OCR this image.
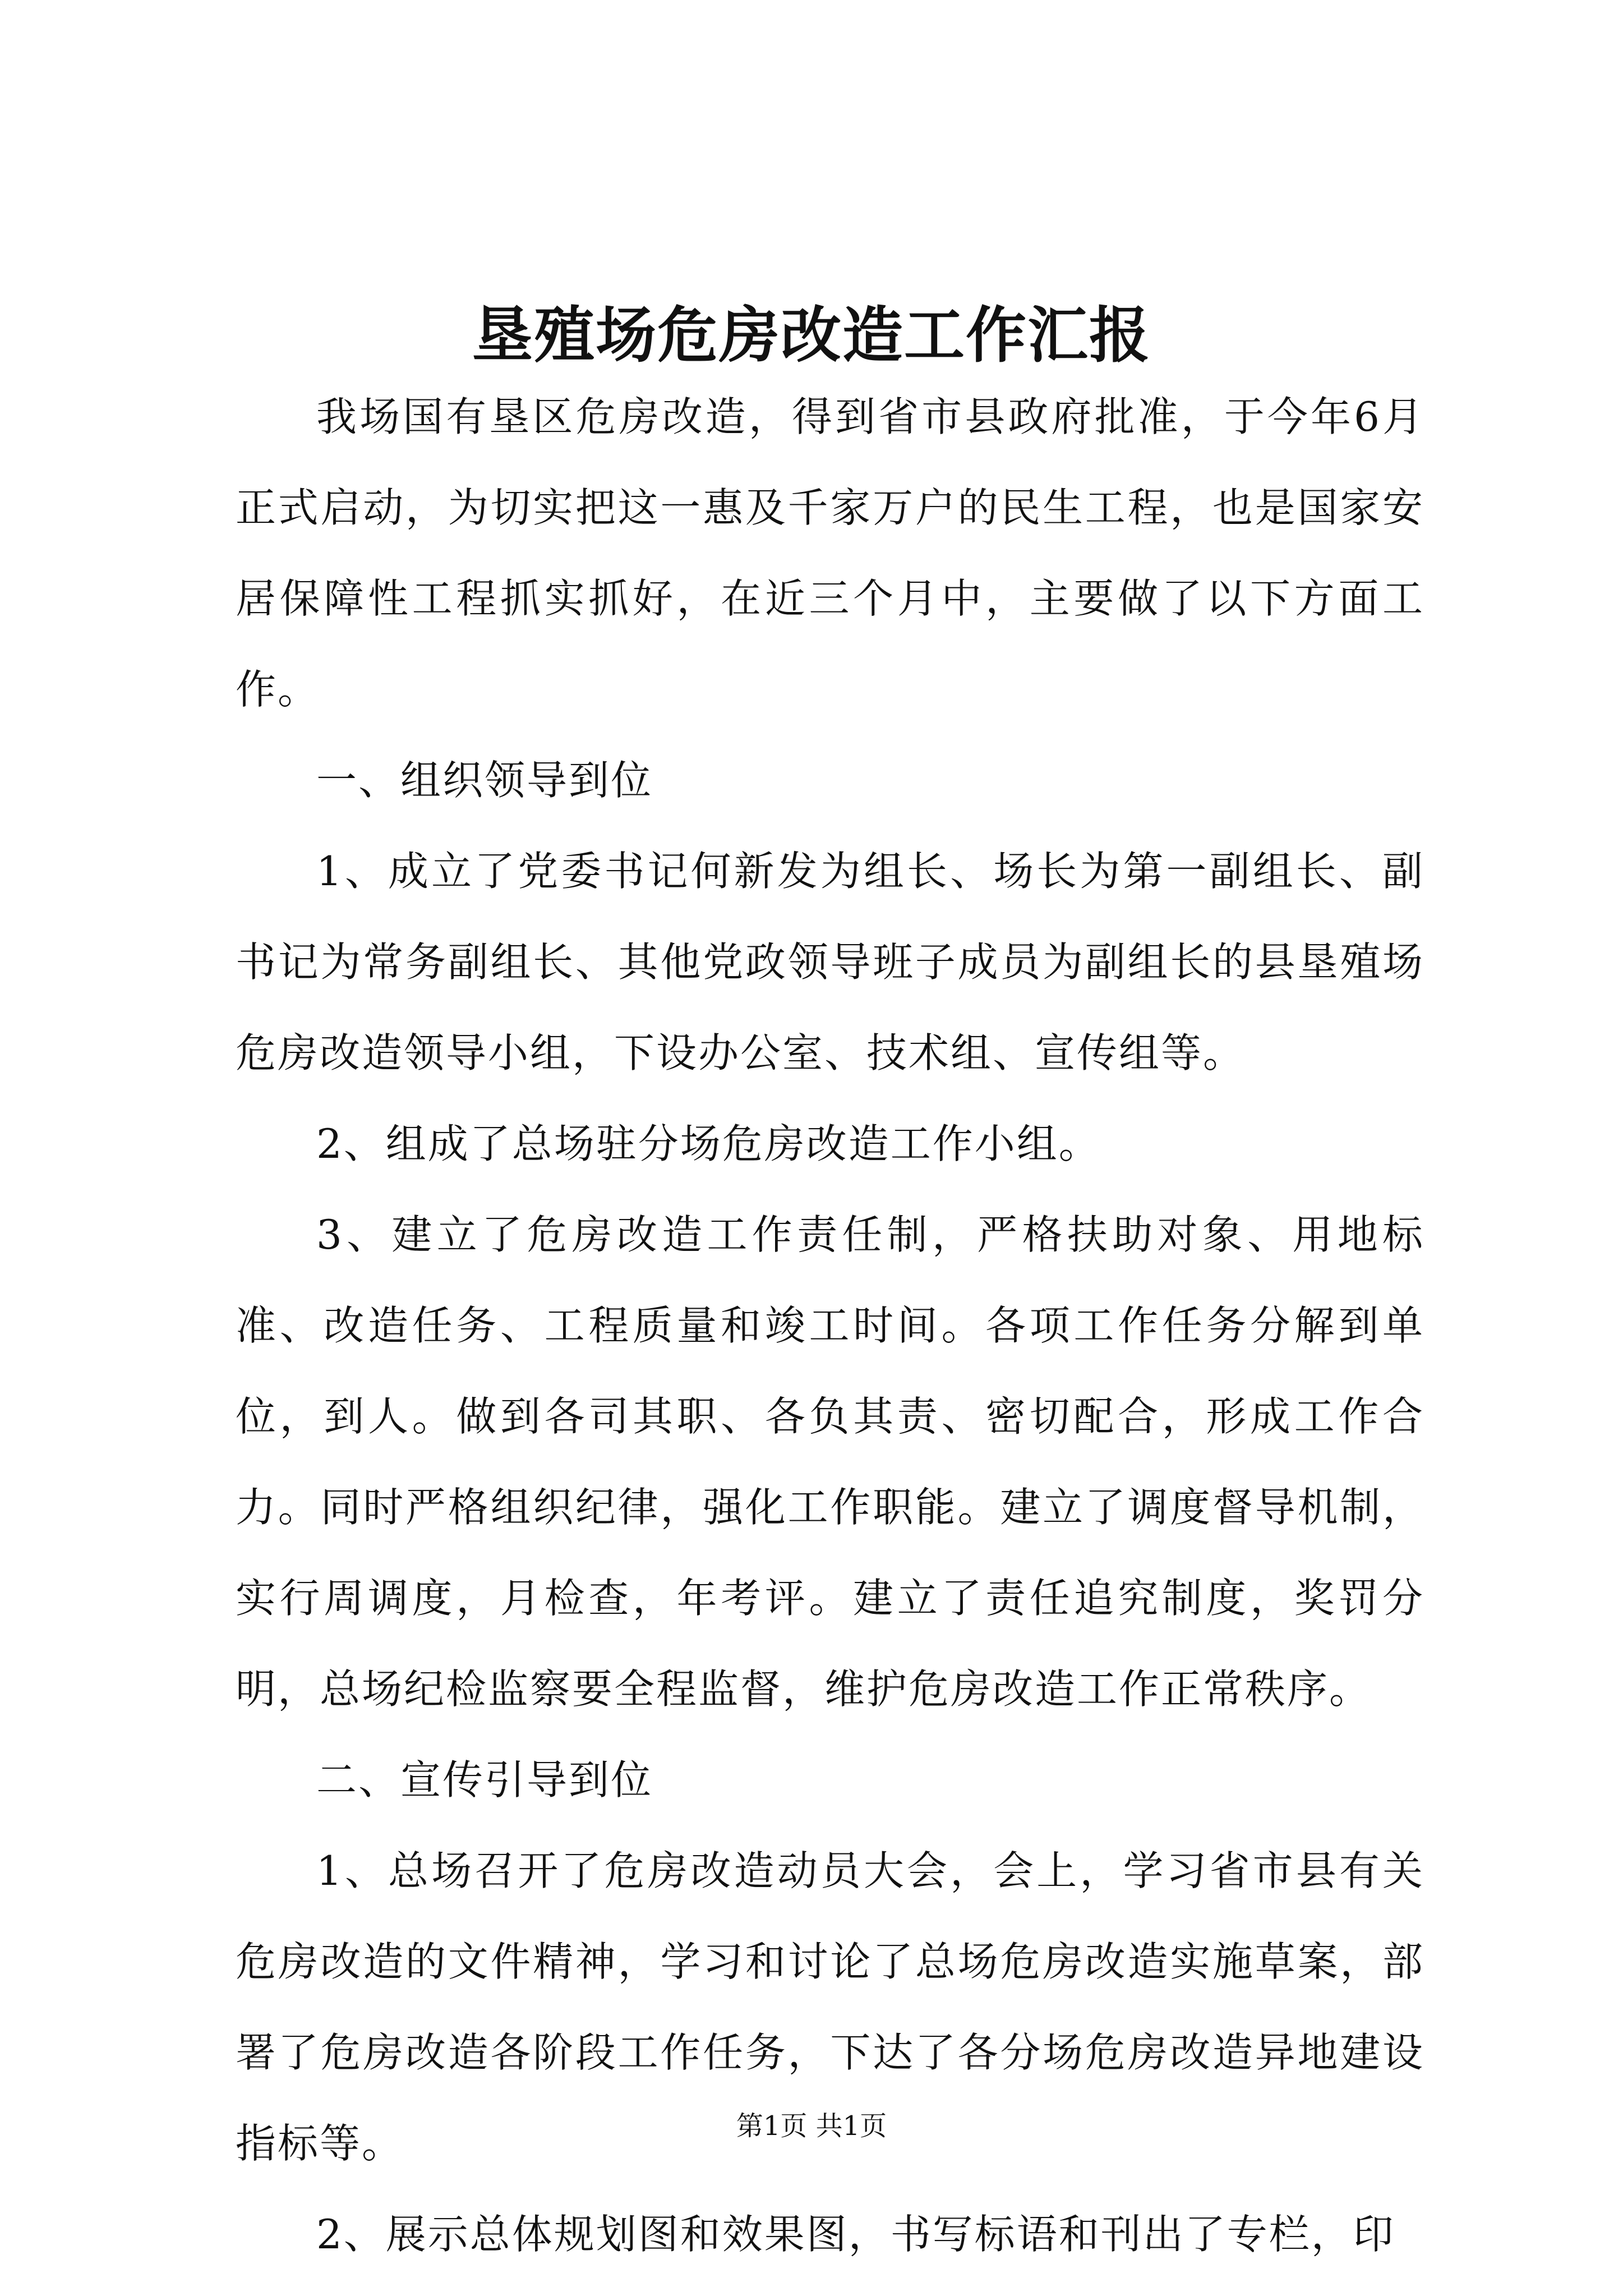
垦殖场危房改造工作汇报

我场国有垦区危房改造，得到省市县政府批准，于今年6月正式启动，为切实把这一惠及千家万户的民生工程，也是国家安居保障性工程抓实抓好，在近三个月中，主要做了以下方面工作。

一、组织领导到位

1、成立了党委书记何新发为组长、场长为第一副组长、副书记为常务副组长、其他党政领导班子成员为副组长的县垦殖场危房改造领导小组，下设办公室、技术组、宣传组等。

2、组成了总场驻分场危房改造工作小组。

3、建立了危房改造工作责任制，严格扶助对象、用地标准、改造任务、工程质量和竣工时间。各项工作任务分解到单位，到人。做到各司其职、各负其责、密切配合，形成工作合力。同时严格组织纪律，强化工作职能。建立了调度督导机制，实行周调度，月检查，年考评。建立了责任追究制度，奖罚分明，总场纪检监察要全程监督，维护危房改造工作正常秩序。

二、宣传引导到位

1、总场召开了危房改造动员大会，会上，学习省市县有关危房改造的文件精神，学习和讨论了总场危房改造实施草案，部署了危房改造各阶段工作任务，下达了各分场危房改造异地建设指标等。

2、展示总体规划图和效果图，书写标语和刊出了专栏，印

第1页 共1页
